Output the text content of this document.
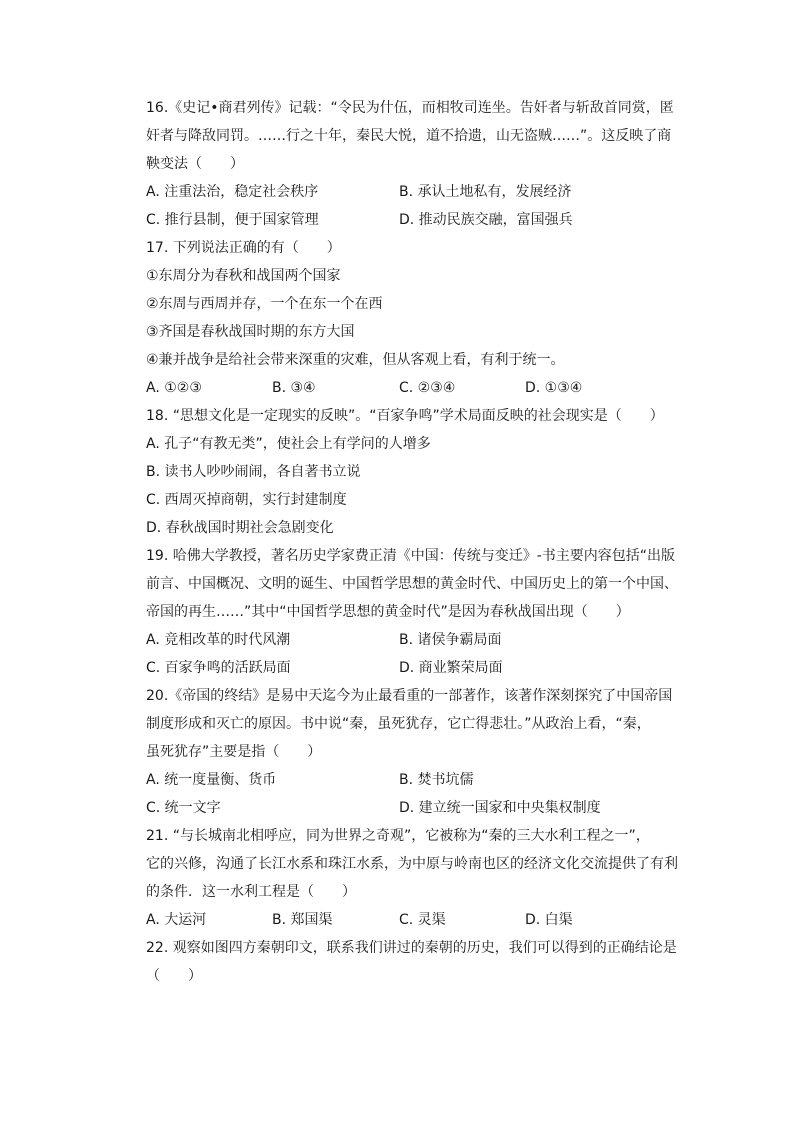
16.《史记•商君列传》记载：“令民为什伍，而相牧司连坐。告奸者与斩敌首同赏，匿
奸者与降敌同罚。……行之十年，秦民大悦，道不拾遗，山无盗贼……”。这反映了商
鞅变法（　　）
A. 注重法治，稳定社会秩序	B. 承认土地私有，发展经济
C. 推行县制，便于国家管理	D. 推动民族交融，富国强兵
17. 下列说法正确的有（　　）
①东周分为春秋和战国两个国家
②东周与西周并存，一个在东一个在西
③齐国是春秋战国时期的东方大国
④兼并战争是给社会带来深重的灾难，但从客观上看，有利于统一。
A. ①②③	B. ③④	C. ②③④	D. ①③④
18. “思想文化是一定现实的反映”。“百家争鸣”学术局面反映的社会现实是（　　）
A. 孔子“有教无类”，使社会上有学问的人增多
B. 读书人吵吵闹闹，各自著书立说
C. 西周灭掉商朝，实行封建制度
D. 春秋战国时期社会急剧变化
19. 哈佛大学教授，著名历史学家费正清《中国：传统与变迁》-书主要内容包括“出版
前言、中国概况、文明的诞生、中国哲学思想的黄金时代、中国历史上的第一个中国、
帝国的再生……”其中“中国哲学思想的黄金时代”是因为春秋战国出现（　　）
A. 竞相改革的时代风潮	B. 诸侯争霸局面
C. 百家争鸣的活跃局面	D. 商业繁荣局面
20.《帝国的终结》是易中天迄今为止最看重的一部著作，该著作深刻探究了中国帝国
制度形成和灭亡的原因。书中说“秦，虽死犹存，它亡得悲壮。”从政治上看，“秦，
虽死犹存”主要是指（　　）
A. 统一度量衡、货币	B. 焚书坑儒
C. 统一文字	D. 建立统一国家和中央集权制度
21. “与长城南北相呼应，同为世界之奇观”，它被称为“秦的三大水利工程之一”，
它的兴修，沟通了长江水系和珠江水系，为中原与岭南也区的经济文化交流提供了有利
的条件．这一水利工程是（　　）
A. 大运河	B. 郑国渠	C. 灵渠	D. 白渠
22. 观察如图四方秦朝印文，联系我们讲过的秦朝的历史，我们可以得到的正确结论是
（　　）
